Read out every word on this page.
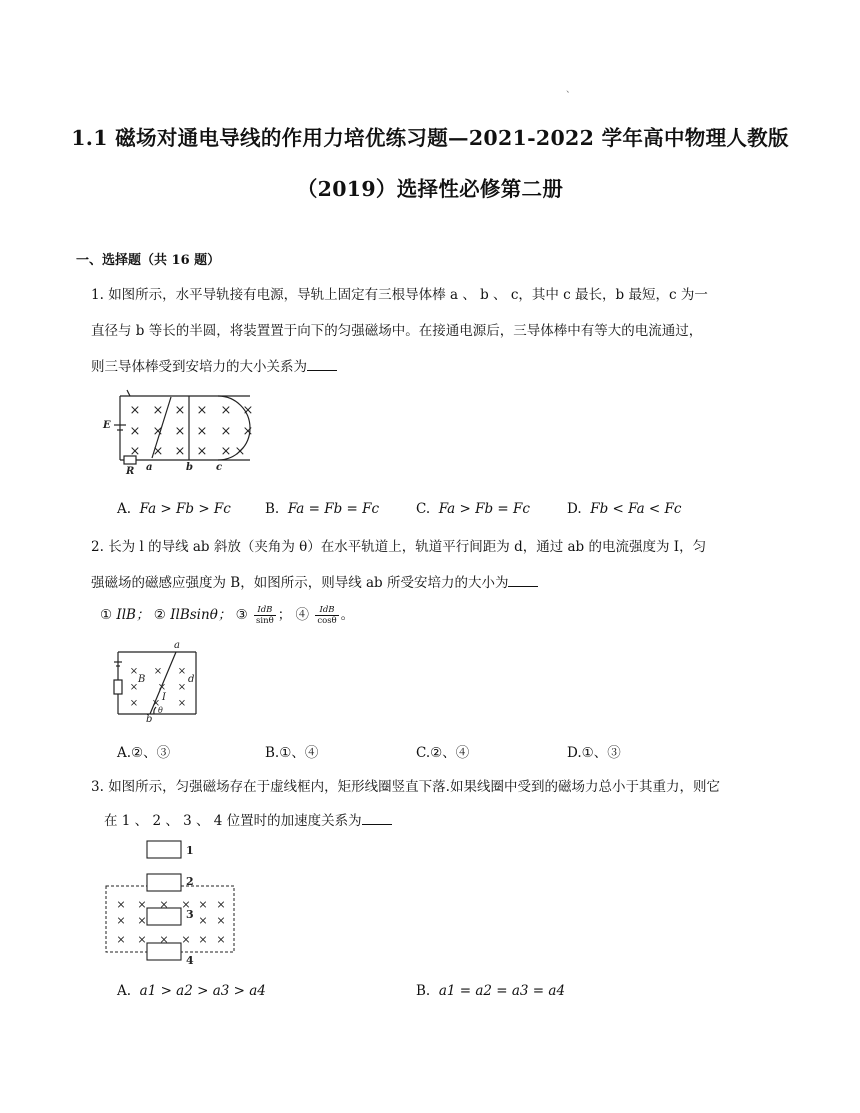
、
1.1 磁场对通电导线的作用力培优练习题—2021-2022 学年高中物理人教版
（2019）选择性必修第二册
一、选择题（共 16 题）
1. 如图所示，水平导轨接有电源，导轨上固定有三根导体棒 a 、 b 、 c，其中 c 最长，b 最短，c 为一
直径与 b 等长的半圆，将装置置于向下的匀强磁场中。在接通电源后，三导体棒中有等大的电流通过，
则三导体棒受到安培力的大小关系为
× × × × × ×
× × × × × ×
× × × × × ×
E
R a	b c
A. Fa > Fb > Fc	B. Fa = Fb = Fc	C. Fa > Fb = Fc	D. Fb < Fa < Fc
2. 长为 l 的导线 ab 斜放（夹角为 θ）在水平轨道上，轨道平行间距为 d，通过 ab 的电流强度为 I，匀
强磁场的磁感应强度为 B，如图所示，则导线 ab 所受安培力的大小为
① IlB； ② IlBsinθ； ③ $\frac{\text{IdB}}{\sin\theta}$ ； ④ $\frac{\text{IdB}}{\cos\theta}$ 。
× × ×
× × ×
× × ×
a
b
B	d
I
θ
A.②、③	B.①、④	C.②、④	D.①、③
3. 如图所示，匀强磁场存在于虚线框内，矩形线圈竖直下落.如果线圈中受到的磁场力总小于其重力，则它
在 1 、 2 、 3 、 4 位置时的加速度关系为
× × × × × ×
× ×	× ×
× × × × × ×
1
2
3
4
A. a1 > a2 > a3 > a4	B. a1 = a2 = a3 = a4
